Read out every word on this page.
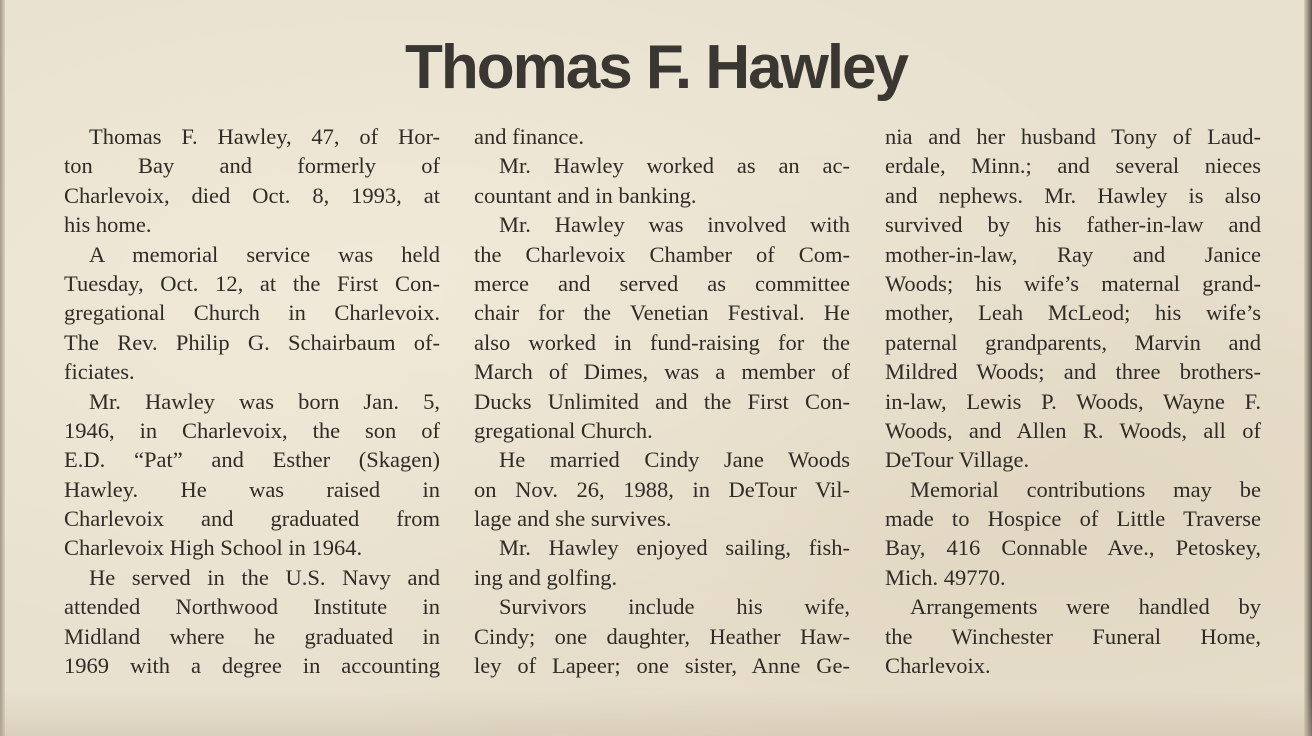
Thomas F. Hawley
Thomas F. Hawley, 47, of Hor-
ton Bay and formerly of
Charlevoix, died Oct. 8, 1993, at
his home.
A memorial service was held
Tuesday, Oct. 12, at the First Con-
gregational Church in Charlevoix.
The Rev. Philip G. Schairbaum of-
ficiates.
Mr. Hawley was born Jan. 5,
1946, in Charlevoix, the son of
E.D. “Pat” and Esther (Skagen)
Hawley. He was raised in
Charlevoix and graduated from
Charlevoix High School in 1964.
He served in the U.S. Navy and
attended Northwood Institute in
Midland where he graduated in
1969 with a degree in accounting
and finance.
Mr. Hawley worked as an ac-
countant and in banking.
Mr. Hawley was involved with
the Charlevoix Chamber of Com-
merce and served as committee
chair for the Venetian Festival. He
also worked in fund-raising for the
March of Dimes, was a member of
Ducks Unlimited and the First Con-
gregational Church.
He married Cindy Jane Woods
on Nov. 26, 1988, in DeTour Vil-
lage and she survives.
Mr. Hawley enjoyed sailing, fish-
ing and golfing.
Survivors include his wife,
Cindy; one daughter, Heather Haw-
ley of Lapeer; one sister, Anne Ge-
nia and her husband Tony of Laud-
erdale, Minn.; and several nieces
and nephews. Mr. Hawley is also
survived by his father-in-law and
mother-in-law, Ray and Janice
Woods; his wife’s maternal grand-
mother, Leah McLeod; his wife’s
paternal grandparents, Marvin and
Mildred Woods; and three brothers-
in-law, Lewis P. Woods, Wayne F.
Woods, and Allen R. Woods, all of
DeTour Village.
Memorial contributions may be
made to Hospice of Little Traverse
Bay, 416 Connable Ave., Petoskey,
Mich. 49770.
Arrangements were handled by
the Winchester Funeral Home,
Charlevoix.
